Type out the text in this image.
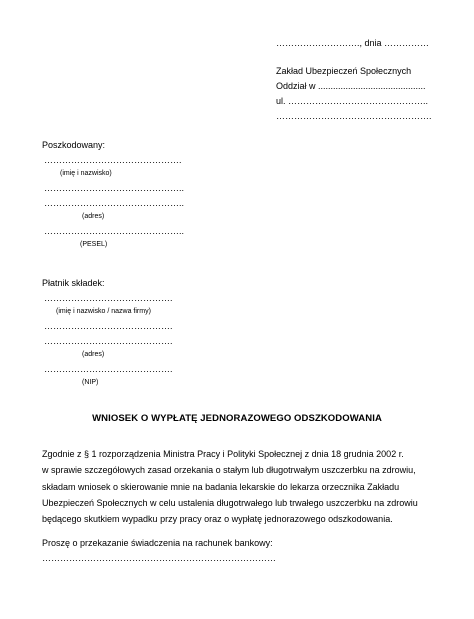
………………………., dnia ……………
Zakład Ubezpieczeń Społecznych
Oddział w ...........................................
ul. ………………………………………..
…………………………………………….
Poszkodowany:
……………………………………….
(imię i nazwisko)
………………………………………..
………………………………………..
(adres)
………………………………………..
(PESEL)
Płatnik składek:
…………………………………….
(imię i nazwisko / nazwa firmy)
…………………………………….
…………………………………….
(adres)
…………………………………….
(NIP)
WNIOSEK O WYPŁATĘ JEDNORAZOWEGO ODSZKODOWANIA
Zgodnie z § 1 rozporządzenia Ministra Pracy i Polityki Społecznej z dnia 18 grudnia 2002 r.
w sprawie szczegółowych zasad orzekania o stałym lub długotrwałym uszczerbku na zdrowiu,
składam wniosek o skierowanie mnie na badania lekarskie do lekarza orzecznika Zakładu
Ubezpieczeń Społecznych w celu ustalenia długotrwałego lub trwałego uszczerbku na zdrowiu
będącego skutkiem wypadku przy pracy oraz o wypłatę jednorazowego odszkodowania.
Proszę o przekazanie świadczenia na rachunek bankowy:
……………………………………………………………………
